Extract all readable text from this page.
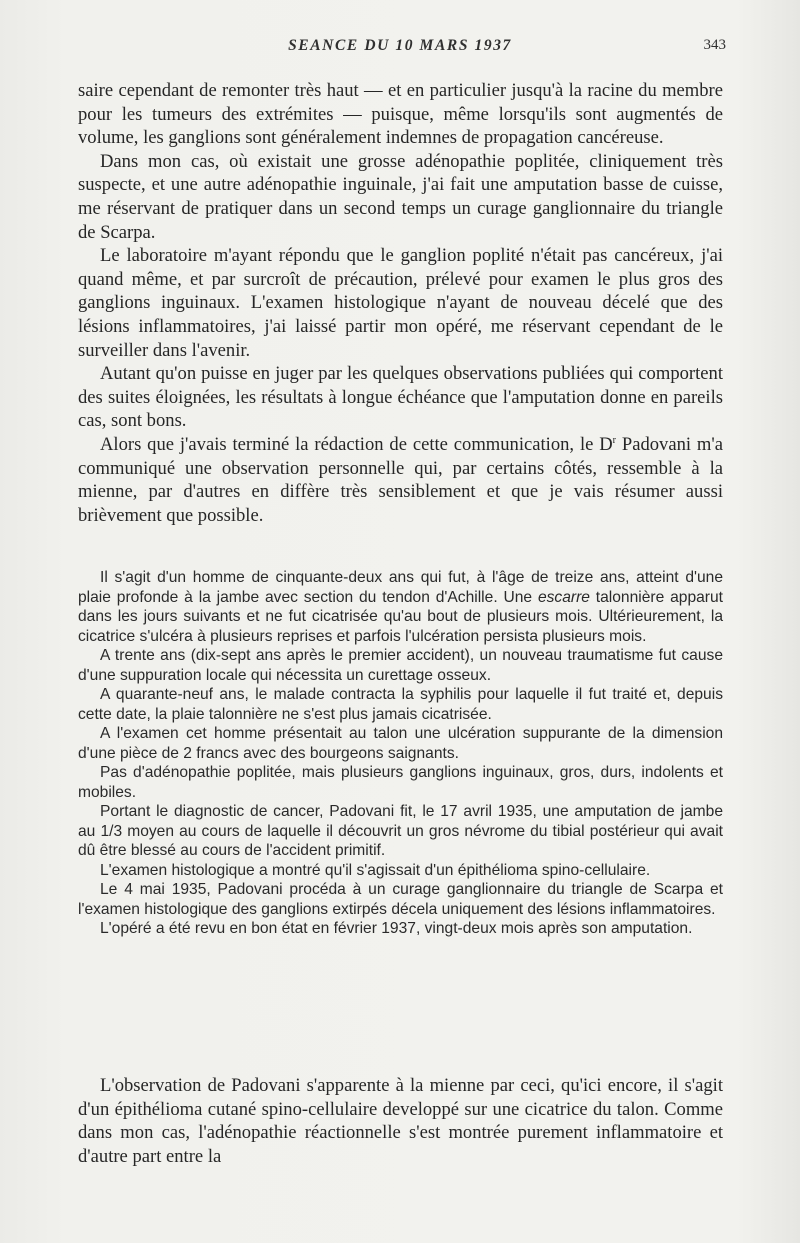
SEANCE DU 10 MARS 1937	343

saire cependant de remonter très haut — et en particulier jusqu'à la racine du membre pour les tumeurs des extrémites — puisque, même lorsqu'ils sont augmentés de volume, les ganglions sont généralement indemnes de propagation cancéreuse.

Dans mon cas, où existait une grosse adénopathie poplitée, cliniquement très suspecte, et une autre adénopathie inguinale, j'ai fait une amputation basse de cuisse, me réservant de pratiquer dans un second temps un curage ganglionnaire du triangle de Scarpa.

Le laboratoire m'ayant répondu que le ganglion poplité n'était pas cancéreux, j'ai quand même, et par surcroît de précaution, prélevé pour examen le plus gros des ganglions inguinaux. L'examen histologique n'ayant de nouveau décelé que des lésions inflammatoires, j'ai laissé partir mon opéré, me réservant cependant de le surveiller dans l'avenir.

Autant qu'on puisse en juger par les quelques observations publiées qui comportent des suites éloignées, les résultats à longue échéance que l'amputation donne en pareils cas, sont bons.

Alors que j'avais terminé la rédaction de cette communication, le $D^r$ Padovani m'a communiqué une observation personnelle qui, par certains côtés, ressemble à la mienne, par d'autres en diffère très sensiblement et que je vais résumer aussi brièvement que possible.

Il s'agit d'un homme de cinquante-deux ans qui fut, à l'âge de treize ans, atteint d'une plaie profonde à la jambe avec section du tendon d'Achille. Une escarre talonnière apparut dans les jours suivants et ne fut cicatrisée qu'au bout de plusieurs mois. Ultérieurement, la cicatrice s'ulcéra à plusieurs reprises et parfois l'ulcération persista plusieurs mois.

A trente ans (dix-sept ans après le premier accident), un nouveau traumatisme fut cause d'une suppuration locale qui nécessita un curettage osseux.

A quarante-neuf ans, le malade contracta la syphilis pour laquelle il fut traité et, depuis cette date, la plaie talonnière ne s'est plus jamais cicatrisée.

A l'examen cet homme présentait au talon une ulcération suppurante de la dimension d'une pièce de 2 francs avec des bourgeons saignants.

Pas d'adénopathie poplitée, mais plusieurs ganglions inguinaux, gros, durs, indolents et mobiles.

Portant le diagnostic de cancer, Padovani fit, le 17 avril 1935, une amputation de jambe au 1/3 moyen au cours de laquelle il découvrit un gros névrome du tibial postérieur qui avait dû être blessé au cours de l'accident primitif.

L'examen histologique a montré qu'il s'agissait d'un épithélioma spino-cellulaire.

Le 4 mai 1935, Padovani procéda à un curage ganglionnaire du triangle de Scarpa et l'examen histologique des ganglions extirpés décela uniquement des lésions inflammatoires.

L'opéré a été revu en bon état en février 1937, vingt-deux mois après son amputation.

L'observation de Padovani s'apparente à la mienne par ceci, qu'ici encore, il s'agit d'un épithélioma cutané spino-cellulaire developpé sur une cicatrice du talon. Comme dans mon cas, l'adénopathie réactionnelle s'est montrée purement inflammatoire et d'autre part entre la
